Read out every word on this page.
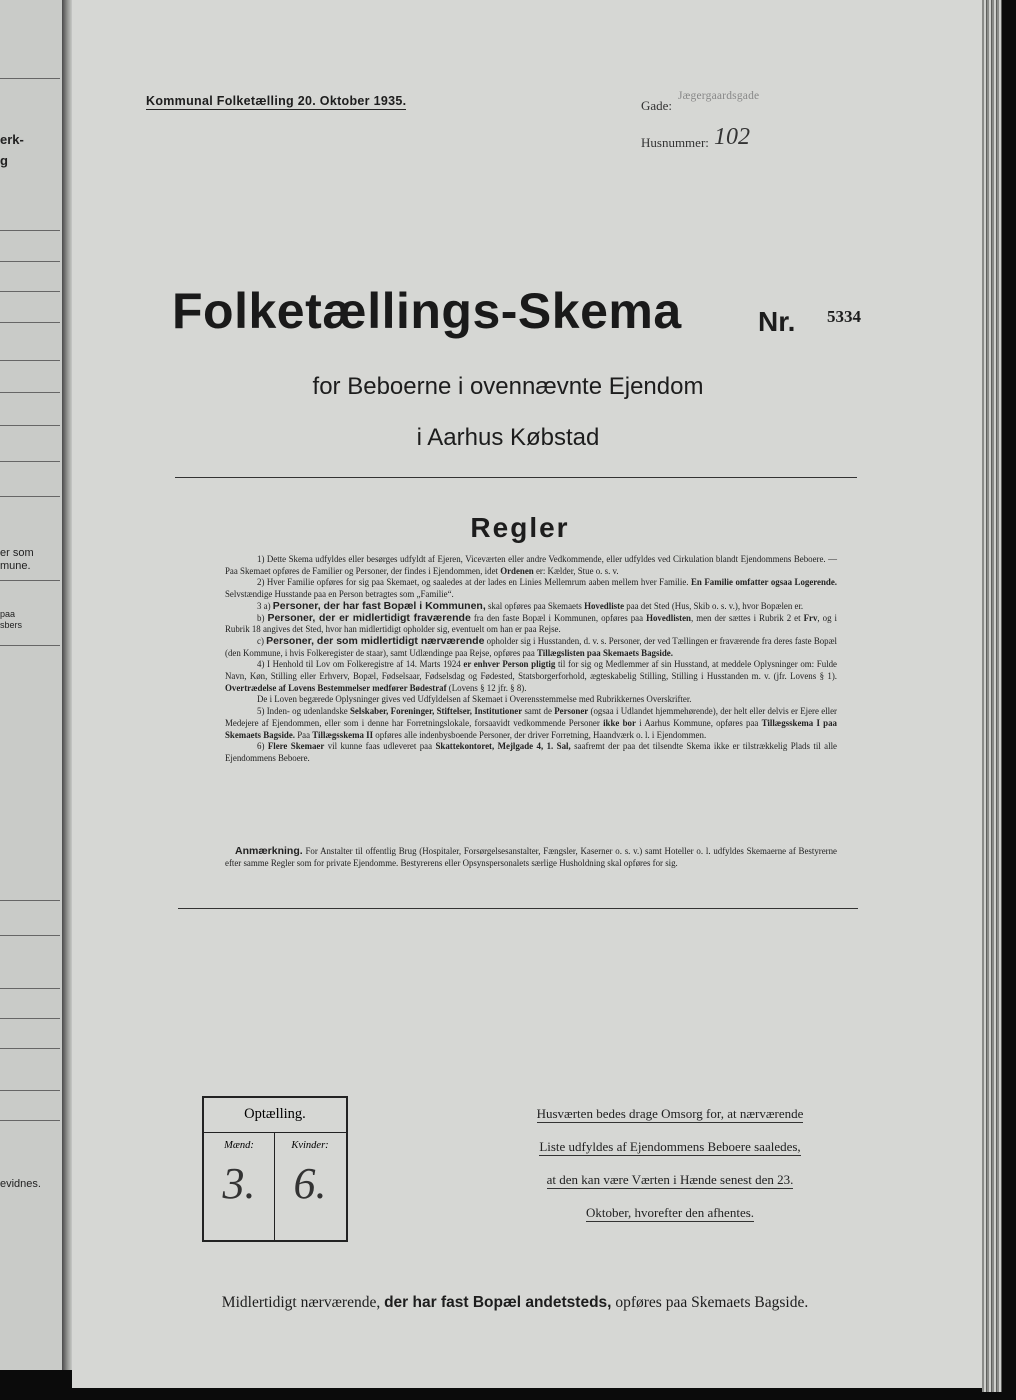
erk-
g
er som
mune.
paa
sbers
evidnes.
Kommunal Folketælling 20. Oktober 1935.	Gade:
Jægergaardsgade
Husnummer: 102
Folketællings-Skema	Nr. 5334
for Beboerne i ovennævnte Ejendom
i Aarhus Købstad
Regler

1) Dette Skema udfyldes eller besørges udfyldt af Ejeren, Viceværten eller andre Vedkommende, eller udfyldes ved Cirkulation blandt Ejendommens Beboere. — Paa Skemaet opføres de Familier og Personer, der findes i Ejendommen, idet Ordenen er: Kælder, Stue o. s. v.

2) Hver Familie opføres for sig paa Skemaet, og saaledes at der lades en Linies Mellemrum aaben mellem hver Familie. En Familie omfatter ogsaa Logerende. Selvstændige Husstande paa en Person betragtes som „Familie“.

3 a) Personer, der har fast Bopæl i Kommunen, skal opføres paa Skemaets Hovedliste paa det Sted (Hus, Skib o. s. v.), hvor Bopælen er.

b) Personer, der er midlertidigt fraværende fra den faste Bopæl i Kommunen, opføres paa Hovedlisten, men der sættes i Rubrik 2 et Frv, og i Rubrik 18 angives det Sted, hvor han midlertidigt opholder sig, eventuelt om han er paa Rejse.

c) Personer, der som midlertidigt nærværende opholder sig i Husstanden, d. v. s. Personer, der ved Tællingen er fraværende fra deres faste Bopæl (den Kommune, i hvis Folkeregister de staar), samt Udlændinge paa Rejse, opføres paa Tillægslisten paa Skemaets Bagside.

4) I Henhold til Lov om Folkeregistre af 14. Marts 1924 er enhver Person pligtig til for sig og Medlemmer af sin Husstand, at meddele Oplysninger om: Fulde Navn, Køn, Stilling eller Erhverv, Bopæl, Fødselsaar, Fødselsdag og Fødested, Statsborgerforhold, ægteskabelig Stilling, Stilling i Husstanden m. v. (jfr. Lovens § 1). Overtrædelse af Lovens Bestemmelser medfører Bødestraf (Lovens § 12 jfr. § 8).

De i Loven begærede Oplysninger gives ved Udfyldelsen af Skemaet i Overensstemmelse med Rubrikkernes Overskrifter.

5) Inden- og udenlandske Selskaber, Foreninger, Stiftelser, Institutioner samt de Personer (ogsaa i Udlandet hjemmehørende), der helt eller delvis er Ejere eller Medejere af Ejendommen, eller som i denne har Forretningslokale, forsaavidt vedkommende Personer ikke bor i Aarhus Kommune, opføres paa Tillægsskema I paa Skemaets Bagside. Paa Tillægsskema II opføres alle indenbysboende Personer, der driver Forretning, Haandværk o. l. i Ejendommen.

6) Flere Skemaer vil kunne faas udleveret paa Skattekontoret, Mejlgade 4, 1. Sal, saafremt der paa det tilsendte Skema ikke er tilstrækkelig Plads til alle Ejendommens Beboere.

Anmærkning. For Anstalter til offentlig Brug (Hospitaler, Forsørgelsesanstalter, Fængsler, Kaserner o. s. v.) samt Hoteller o. l. udfyldes Skemaerne af Bestyrerne efter samme Regler som for private Ejendomme. Bestyrerens eller Opsynspersonalets særlige Husholdning skal opføres for sig.
Optælling.
Mænd:	Kvinder:
3. 6.
Husværten bedes drage Omsorg for, at nærværende
Liste udfyldes af Ejendommens Beboere saaledes,
at den kan være Værten i Hænde senest den 23.
Oktober, hvorefter den afhentes.
Midlertidigt nærværende, der har fast Bopæl andetsteds, opføres paa Skemaets Bagside.
